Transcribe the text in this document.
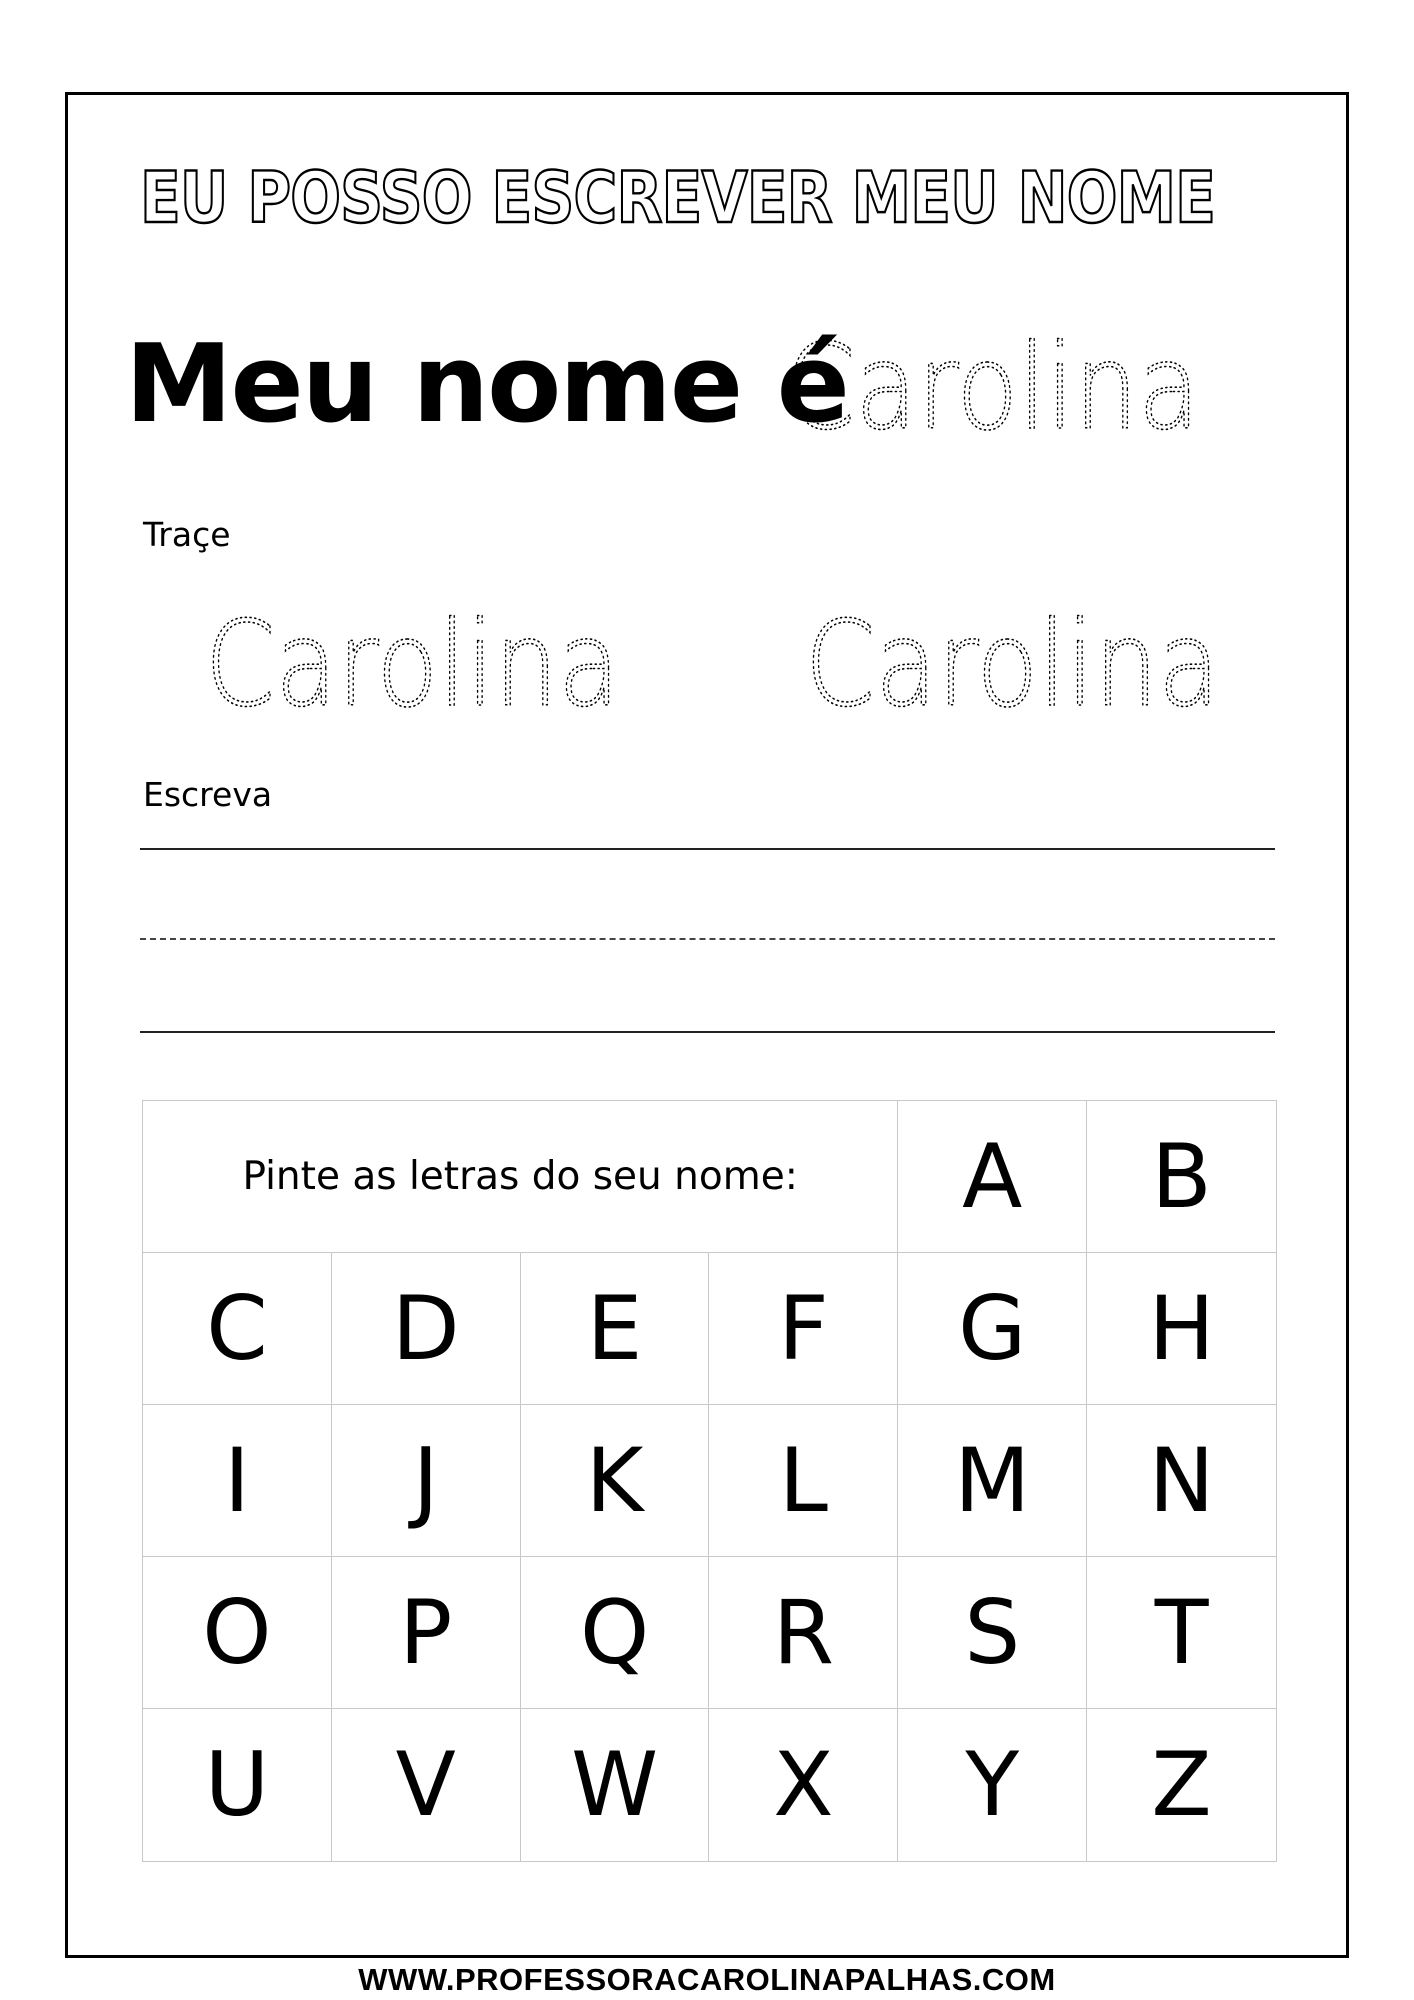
EU POSSO ESCREVER MEU NOME
Meu nome é
Carolina
Traçe
Carolina Carolina
Escreva
Pinte as letras do seu nome:	A	B
C	D	E	F	G	H
I	J	K	L	M	N
O	P	Q	R	S	T
U	V	W	X	Y	Z
WWW.PROFESSORACAROLINAPALHAS.COM
